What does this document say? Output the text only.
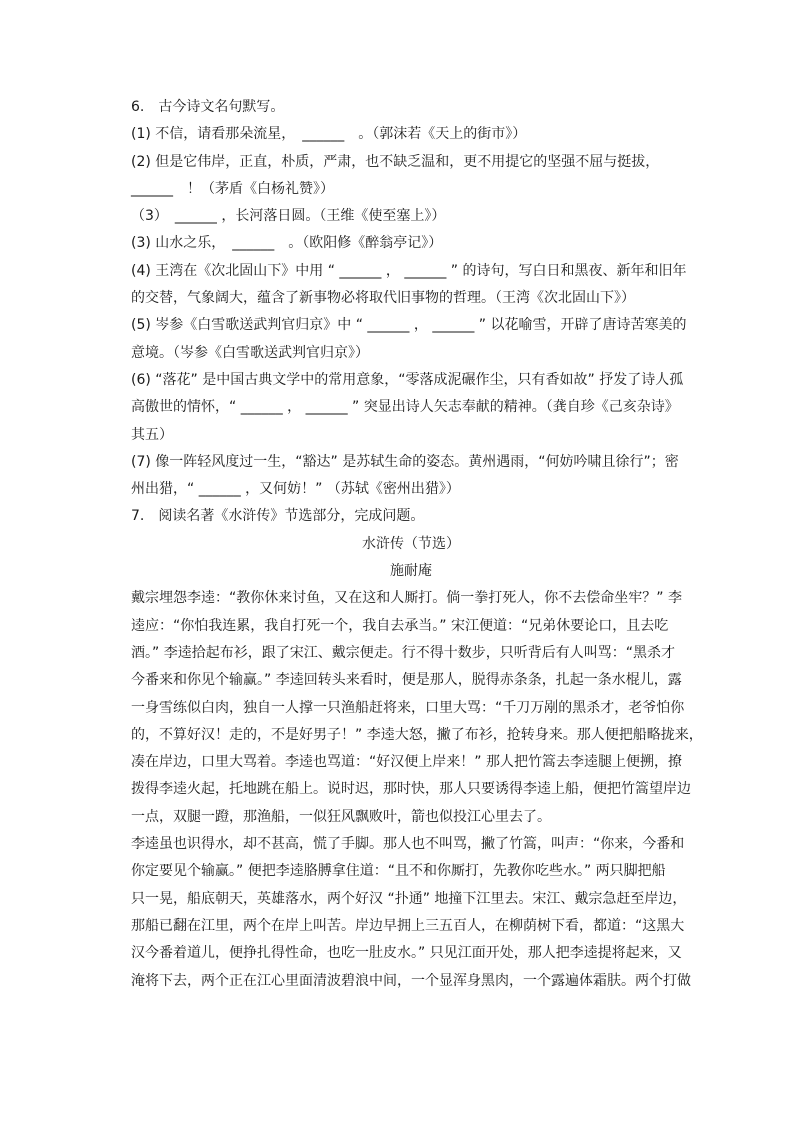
6.　古今诗文名句默写。
(1) 不信，请看那朵流星，　______　。（郭沫若《天上的街市》）
(2) 但是它伟岸，正直，朴质，严肃，也不缺乏温和，更不用提它的坚强不屈与挺拔，
______　！（茅盾《白杨礼赞》）
（3）　______ ，长河落日圆。（王维《使至塞上》）
(3) 山水之乐，　______　。（欧阳修《醉翁亭记》）
(4) 王湾在《次北固山下》中用 “ ______ ， ______ ” 的诗句，写白日和黑夜、新年和旧年
的交替，气象阔大，蕴含了新事物必将取代旧事物的哲理。（王湾《次北固山下》）
(5) 岑参《白雪歌送武判官归京》中 “ ______ ， ______ ” 以花喻雪，开辟了唐诗苦寒美的
意境。（岑参《白雪歌送武判官归京》）
(6) “落花” 是中国古典文学中的常用意象，“零落成泥碾作尘，只有香如故” 抒发了诗人孤
高傲世的情怀，“ ______ ， ______ ” 突显出诗人矢志奉献的精神。（龚自珍《己亥杂诗》
其五）
(7) 像一阵轻风度过一生，“豁达” 是苏轼生命的姿态。黄州遇雨，“何妨吟啸且徐行”；密
州出猎，“ ______ ，又何妨！” （苏轼《密州出猎》）
7.　阅读名著《水浒传》节选部分，完成问题。
水浒传（节选）
施耐庵
戴宗埋怨李逵：“教你休来讨鱼，又在这和人厮打。倘一拳打死人，你不去偿命坐牢？” 李
逵应：“你怕我连累，我自打死一个，我自去承当。” 宋江便道：“兄弟休要论口，且去吃
酒。” 李逵拾起布衫，跟了宋江、戴宗便走。行不得十数步，只听背后有人叫骂：“黑杀才
今番来和你见个输赢。” 李逵回转头来看时，便是那人，脱得赤条条，扎起一条水棍儿，露
一身雪练似白肉，独自一人撑一只渔船赶将来，口里大骂：“千刀万剐的黑杀才，老爷怕你
的，不算好汉！走的，不是好男子！” 李逵大怒，撇了布衫，抢转身来。那人便把船略拢来，
凑在岸边，口里大骂着。李逵也骂道：“好汉便上岸来！” 那人把竹篙去李逵腿上便搠，撩
拨得李逵火起，托地跳在船上。说时迟，那时快，那人只要诱得李逵上船，便把竹篙望岸边
一点，双腿一蹬，那渔船，一似狂风飘败叶，箭也似投江心里去了。
李逵虽也识得水，却不甚高，慌了手脚。那人也不叫骂，撇了竹篙，叫声：“你来，今番和
你定要见个输赢。” 便把李逵胳膊拿住道：“且不和你厮打，先教你吃些水。” 两只脚把船
只一晃，船底朝天，英雄落水，两个好汉 “扑通” 地撞下江里去。宋江、戴宗急赶至岸边，
那船已翻在江里，两个在岸上叫苦。岸边早拥上三五百人，在柳荫树下看，都道：“这黑大
汉今番着道儿，便挣扎得性命，也吃一肚皮水。” 只见江面开处，那人把李逵提将起来，又
淹将下去，两个正在江心里面清波碧浪中间，一个显浑身黑肉，一个露遍体霜肤。两个打做
